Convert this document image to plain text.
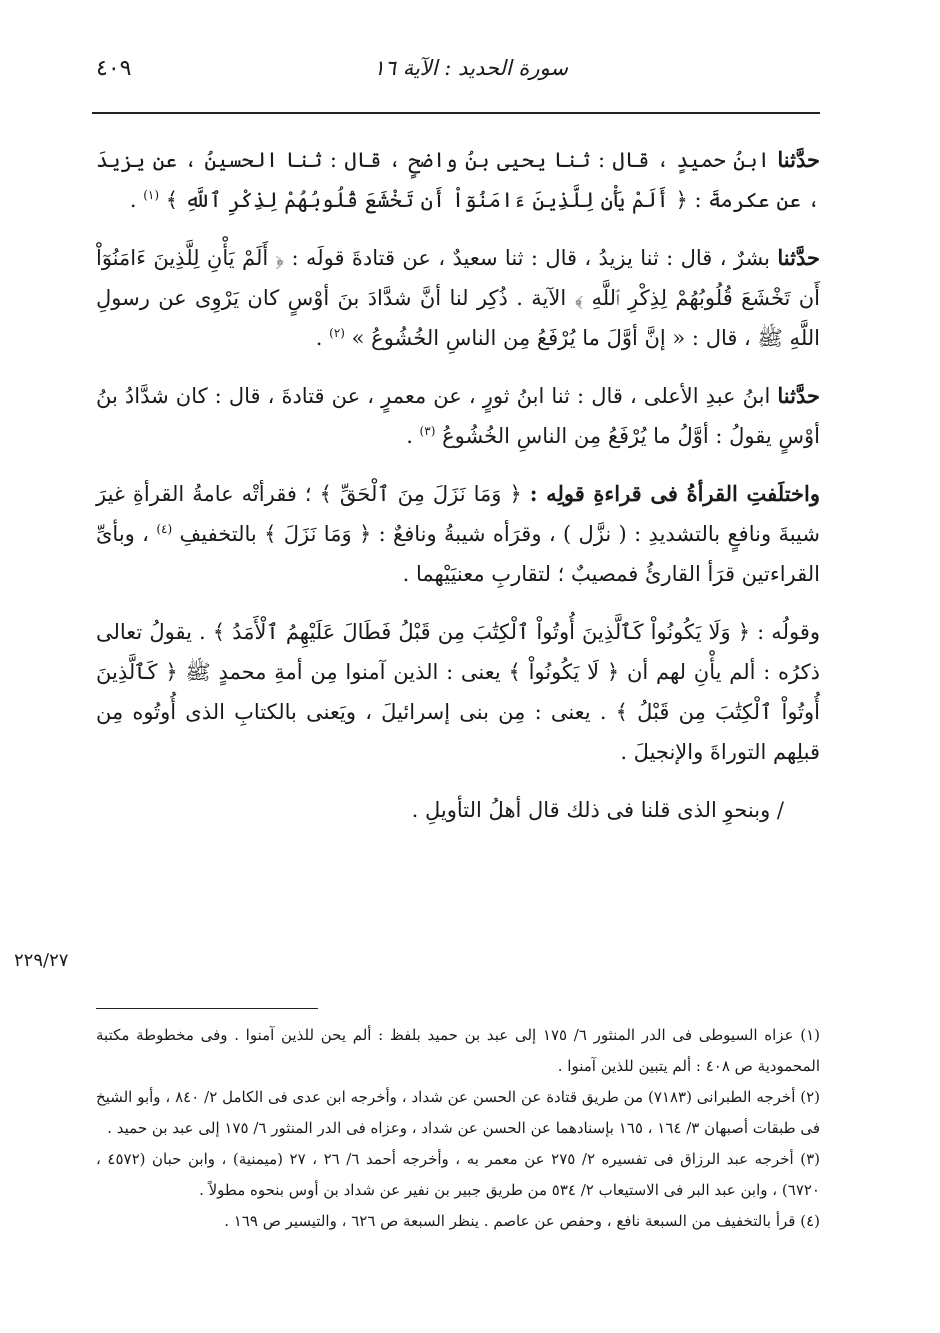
سورة الحديد : الآية ١٦
٤٠٩

حدَّثنا ابنُ حميدٍ ، قال : ثنا يحيى بنُ واضحٍ ، قال : ثنا الحسينُ ، عن يزيدَ ، عن عكرمةَ : ﴿ أَلَمْ يَأْنِ لِلَّذِينَ ءَامَنُوٓاْ أَن تَخْشَعَ قُلُوبُهُمْ لِذِكْرِ ٱللَّهِ ﴾ $^{(١)}$ .

حدَّثنا بشرٌ ، قال : ثنا يزيدُ ، قال : ثنا سعيدٌ ، عن قتادةَ قولَه : ﴿ أَلَمْ يَأْنِ لِلَّذِينَ ءَامَنُوٓاْ أَن تَخْشَعَ قُلُوبُهُمْ لِذِكْرِ ٱللَّهِ ﴾ الآية . ذُكِر لنا أنَّ شدَّادَ بنَ أوْسٍ كان يَرْوِى عن رسولِ اللَّهِ ﷺ ، قال : « إنَّ أوَّلَ ما يُرْفَعُ مِن الناسِ الخُشُوعُ » $^{(٢)}$ .

حدَّثنا ابنُ عبدِ الأعلى ، قال : ثنا ابنُ ثورٍ ، عن معمرٍ ، عن قتادةَ ، قال : كان شدَّادُ بنُ أوْسٍ يقولُ : أوَّلُ ما يُرْفَعُ مِن الناسِ الخُشُوعُ $^{(٣)}$ .

واختلَفتِ القرأةُ فى قراءةِ قولِه : ﴿ وَمَا نَزَلَ مِنَ ٱلْحَقِّ ﴾ ؛ فقرأتْه عامةُ القرأةِ غيرَ شيبةَ ونافعٍ بالتشديدِ : ( نزَّل ) ، وقرَأه شيبةُ ونافعٌ : ﴿ وَمَا نَزَلَ ﴾ بالتخفيفِ $^{(٤)}$ ، وبأىِّ القراءتين قرَأ القارئُ فمصيبٌ ؛ لتقاربِ معنيَيْهما .

وقولُه : ﴿ وَلَا يَكُونُواْ كَٱلَّذِينَ أُوتُواْ ٱلْكِتَٰبَ مِن قَبْلُ فَطَالَ عَلَيْهِمُ ٱلْأَمَدُ ﴾ . يقولُ تعالى ذكرُه : ألم يأْنِ لهم أن ﴿ لَا يَكُونُواْ ﴾ يعنى : الذين آمنوا مِن أمةِ محمدٍ ﷺ ﴿ كَٱلَّذِينَ أُوتُواْ ٱلْكِتَٰبَ مِن قَبْلُ ﴾ . يعنى : مِن بنى إسرائيلَ ، ويَعنى بالكتابِ الذى أُوتُوه مِن قبلِهم التوراةَ والإنجيلَ .

/ وبنحوِ الذى قلنا فى ذلك قال أهلُ التأويلِ .

٢٢٩/٢٧

(١) عزاه السيوطى فى الدر المنثور ٦/ ١٧٥ إلى عبد بن حميد بلفظ : ألم يحن للذين آمنوا . وفى مخطوطة مكتبة المحمودية ص ٤٠٨ : ألم يتبين للذين آمنوا .

(٢) أخرجه الطبرانى (٧١٨٣) من طريق قتادة عن الحسن عن شداد ، وأخرجه ابن عدى فى الكامل ٢/ ٨٤٠ ، وأبو الشيخ فى طبقات أصبهان ٣/ ١٦٤ ، ١٦٥ بإسنادهما عن الحسن عن شداد ، وعزاه فى الدر المنثور ٦/ ١٧٥ إلى عبد بن حميد .

(٣) أخرجه عبد الرزاق فى تفسيره ٢/ ٢٧٥ عن معمر به ، وأخرجه أحمد ٦/ ٢٦ ، ٢٧ (ميمنية) ، وابن حبان (٤٥٧٢ ، ٦٧٢٠) ، وابن عبد البر فى الاستيعاب ٢/ ٥٣٤ من طريق جبير بن نفير عن شداد بن أوس بنحوه مطولاً .

(٤) قرأ بالتخفيف من السبعة نافع ، وحفص عن عاصم . ينظر السبعة ص ٦٢٦ ، والتيسير ص ١٦٩ .
